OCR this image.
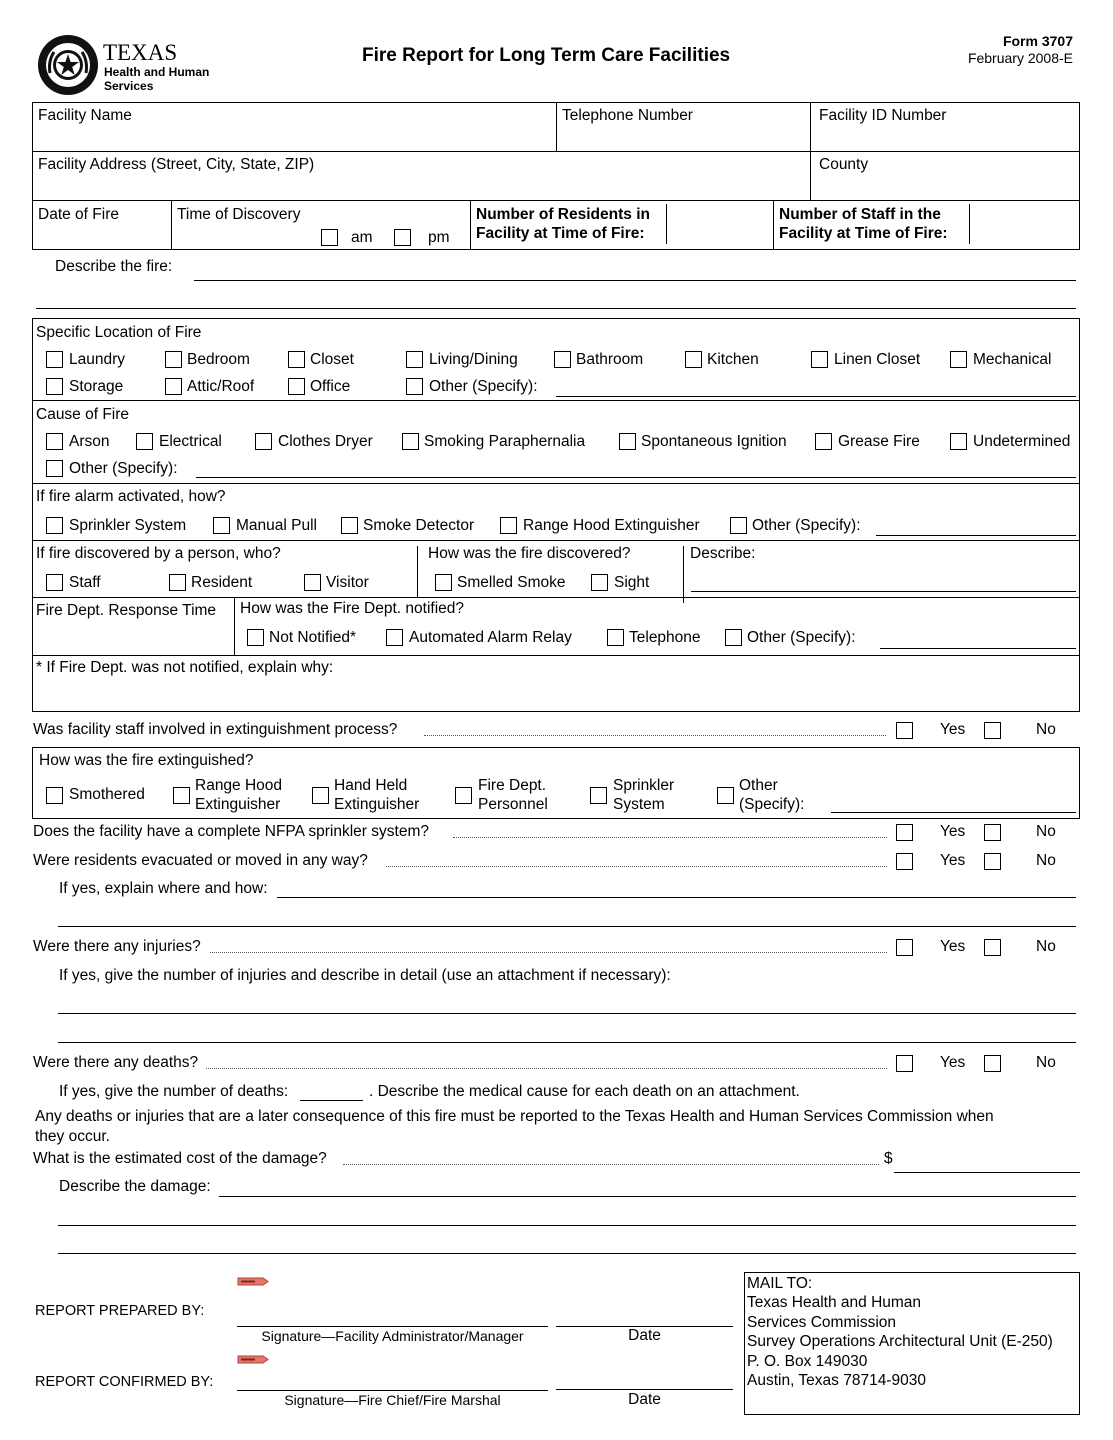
TEXAS
Health and Human
Services
Fire Report for Long Term Care Facilities
Form 3707
February 2008-E
Facility Name	Telephone Number	Facility ID Number
Facility Address (Street, City, State, ZIP)	County
Date of Fire	Time of Discovery
am	pm
Number of Residents in
Facility at Time of Fire:
Number of Staff in the
Facility at Time of Fire:
Describe the fire:
Specific Location of Fire
Laundry	Bedroom	Closet	Living/Dining	Bathroom	Kitchen	Linen Closet	Mechanical
Storage	Attic/Roof	Office	Other (Specify):
Cause of Fire
Arson	Electrical	Clothes Dryer	Smoking Paraphernalia	Spontaneous Ignition	Grease Fire	Undetermined
Other (Specify):
If fire alarm activated, how?
Sprinkler System	Manual Pull	Smoke Detector	Range Hood Extinguisher	Other (Specify):
If fire discovered by a person, who?
Staff	Resident	Visitor
How was the fire discovered?
Smelled Smoke	Sight
Describe:
Fire Dept. Response Time How was the Fire Dept. notified?
Not Notified*	Automated Alarm Relay	Telephone	Other (Specify):
* If Fire Dept. was not notified, explain why:
Was facility staff involved in extinguishment process?	Yes	No
How was the fire extinguished?
Smothered
Range Hood
Extinguisher
Hand Held
Extinguisher
Fire Dept.
Personnel
Sprinkler
System
Other
(Specify):
Does the facility have a complete NFPA sprinkler system?	Yes	No
Were residents evacuated or moved in any way?	Yes	No
If yes, explain where and how:
Were there any injuries?	Yes	No
If yes, give the number of injuries and describe in detail (use an attachment if necessary):
Were there any deaths?	Yes	No
If yes, give the number of deaths:	. Describe the medical cause for each death on an attachment.
Any deaths or injuries that are a later consequence of this fire must be reported to the Texas Health and Human Services Commission when
they occur.
What is the estimated cost of the damage?	$
Describe the damage:
REPORT PREPARED BY:
Signature—Facility Administrator/Manager	Date
REPORT CONFIRMED BY:
Signature—Fire Chief/Fire Marshal	Date
MAIL TO:
Texas Health and Human
Services Commission
Survey Operations Architectural Unit (E-250)
P. O. Box 149030
Austin, Texas 78714-9030
